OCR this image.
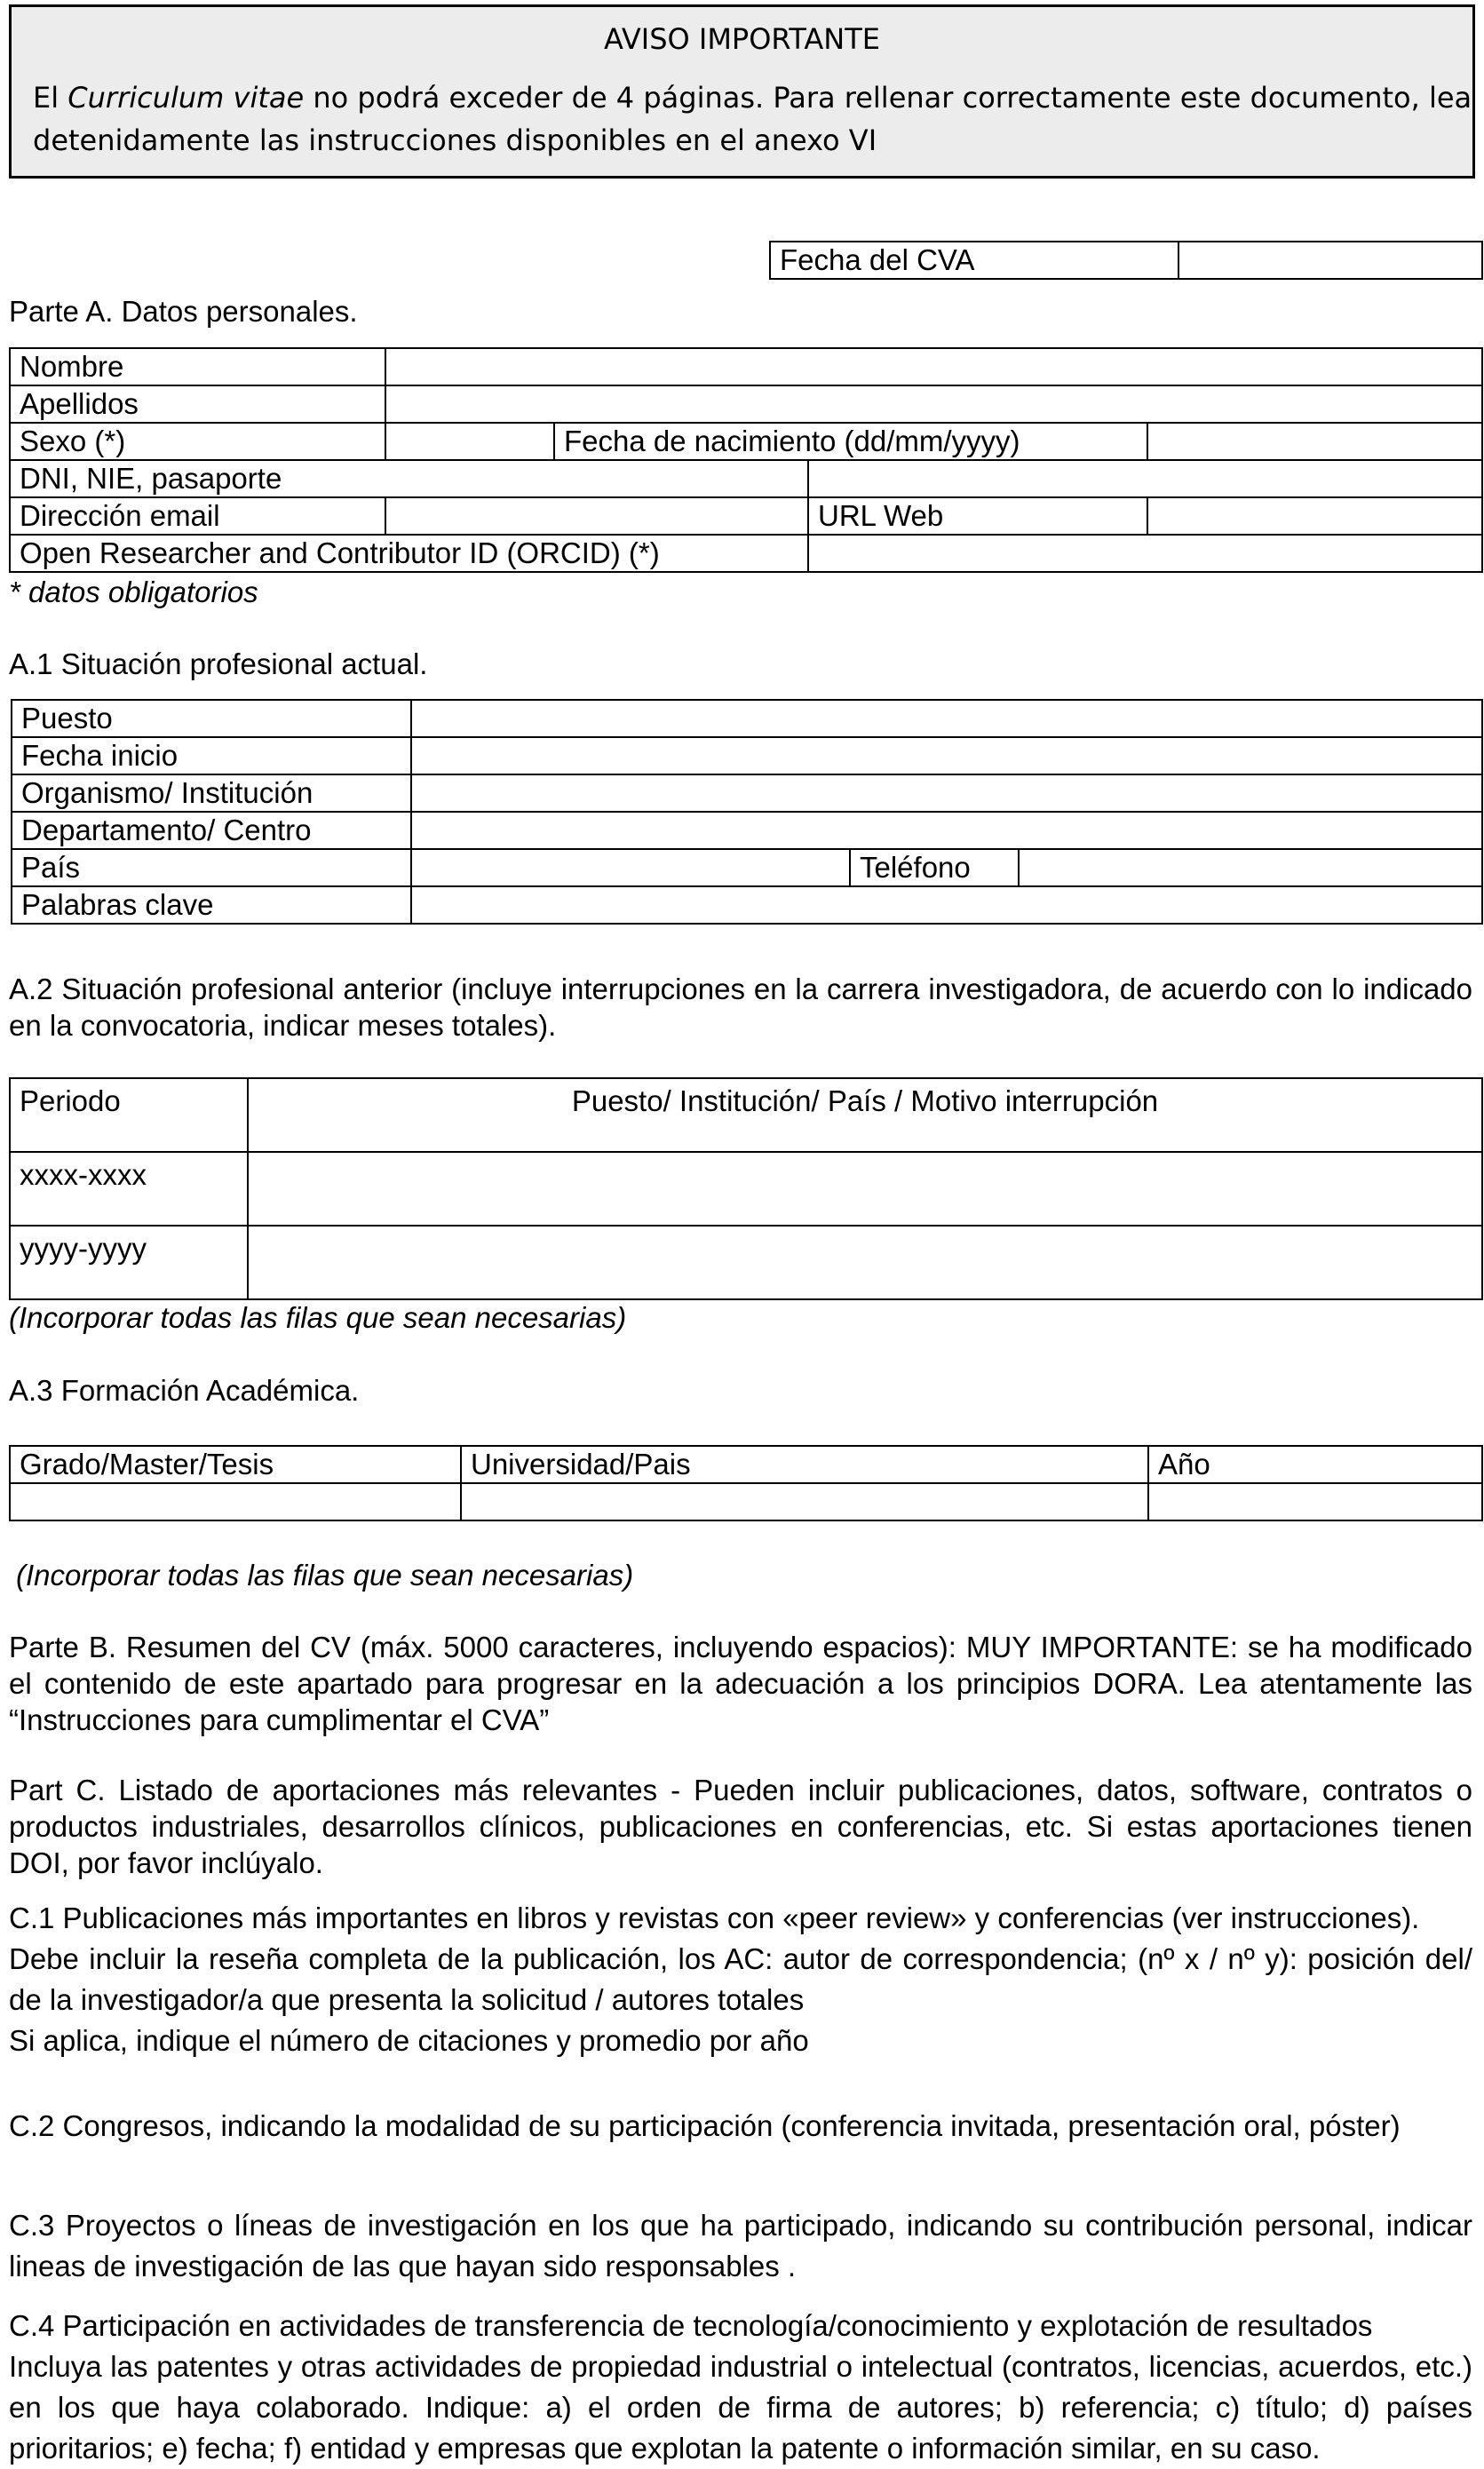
AVISO IMPORTANTE
El Curriculum vitae no podrá exceder de 4 páginas. Para rellenar correctamente este documento, lea
detenidamente las instrucciones disponibles en el anexo VI
Fecha del CVA	
Parte A. Datos personales.
Nombre				
Apellidos				
Sexo (*)		Fecha de nacimiento (dd/mm/yyyy)		
DNI, NIE, pasaporte				
Dirección email			URL Web	
Open Researcher and Contributor ID (ORCID) (*)				
* datos obligatorios
A.1 Situación profesional actual.
Puesto			
Fecha inicio			
Organismo/ Institución			
Departamento/ Centro			
País		Teléfono	
Palabras clave			
A.2 Situación profesional anterior (incluye interrupciones en la carrera investigadora, de acuerdo con lo indicado en la convocatoria, indicar meses totales).
Periodo	Puesto/ Institución/ País / Motivo interrupción
xxxx-xxxx	
yyyy-yyyy	
(Incorporar todas las filas que sean necesarias)
A.3 Formación Académica.
Grado/Master/Tesis	Universidad/Pais	Año

(Incorporar todas las filas que sean necesarias)
Parte B. Resumen del CV (máx. 5000 caracteres, incluyendo espacios): MUY IMPORTANTE: se ha modificado el contenido de este apartado para progresar en la adecuación a los principios DORA. Lea atentamente las “Instrucciones para cumplimentar el CVA”
Part C. Listado de aportaciones más relevantes - Pueden incluir publicaciones, datos, software, contratos o productos industriales, desarrollos clínicos, publicaciones en conferencias, etc. Si estas aportaciones tienen DOI, por favor inclúyalo.
C.1 Publicaciones más importantes en libros y revistas con «peer review» y conferencias (ver instrucciones).
Debe incluir la reseña completa de la publicación, los AC: autor de correspondencia; (nº x / nº y): posición del/ de la investigador/a que presenta la solicitud / autores totales
Si aplica, indique el número de citaciones y promedio por año
C.2 Congresos, indicando la modalidad de su participación (conferencia invitada, presentación oral, póster)
C.3 Proyectos o líneas de investigación en los que ha participado, indicando su contribución personal, indicar lineas de investigación de las que hayan sido responsables .
C.4 Participación en actividades de transferencia de tecnología/conocimiento y explotación de resultados
Incluya las patentes y otras actividades de propiedad industrial o intelectual (contratos, licencias, acuerdos, etc.) en los que haya colaborado. Indique: a) el orden de firma de autores; b) referencia; c) título; d) países prioritarios; e) fecha; f) entidad y empresas que explotan la patente o información similar, en su caso.
